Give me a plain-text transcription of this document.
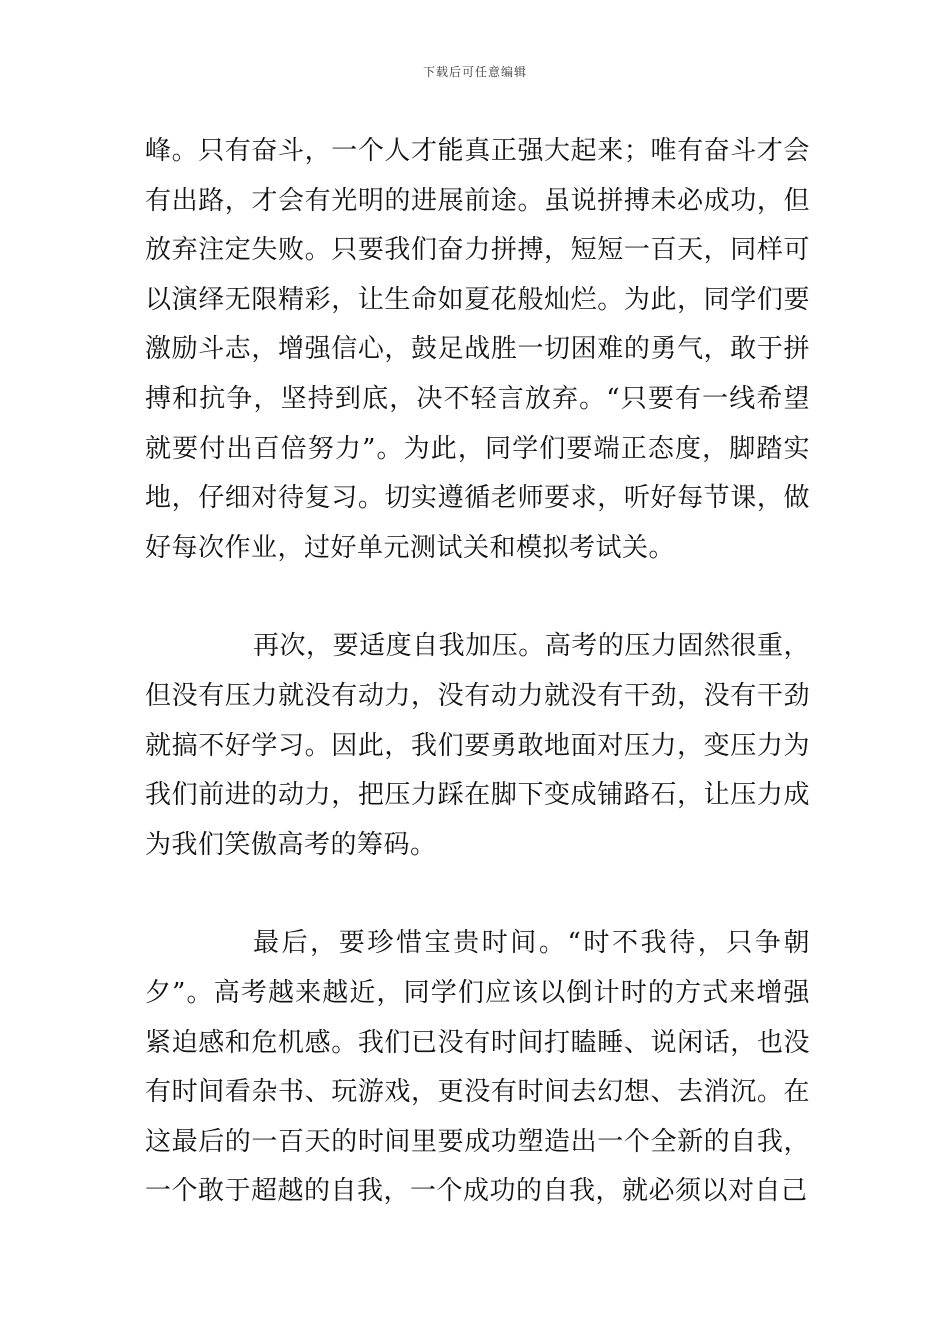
下载后可任意编辑

峰。只有奋斗，一个人才能真正强大起来；唯有奋斗才会有出路，才会有光明的进展前途。虽说拼搏未必成功，但放弃注定失败。只要我们奋力拼搏，短短一百天，同样可以演绎无限精彩，让生命如夏花般灿烂。为此，同学们要激励斗志，增强信心，鼓足战胜一切困难的勇气，敢于拼搏和抗争，坚持到底，决不轻言放弃。“只要有一线希望就要付出百倍努力”。为此，同学们要端正态度，脚踏实地，仔细对待复习。切实遵循老师要求，听好每节课，做好每次作业，过好单元测试关和模拟考试关。

再次，要适度自我加压。高考的压力固然很重，但没有压力就没有动力，没有动力就没有干劲，没有干劲就搞不好学习。因此，我们要勇敢地面对压力，变压力为我们前进的动力，把压力踩在脚下变成铺路石，让压力成为我们笑傲高考的筹码。

最后，要珍惜宝贵时间。“时不我待，只争朝夕”。高考越来越近，同学们应该以倒计时的方式来增强紧迫感和危机感。我们已没有时间打瞌睡、说闲话，也没有时间看杂书、玩游戏，更没有时间去幻想、去消沉。在这最后的一百天的时间里要成功塑造出一个全新的自我，一个敢于超越的自我，一个成功的自我，就必须以对自己
